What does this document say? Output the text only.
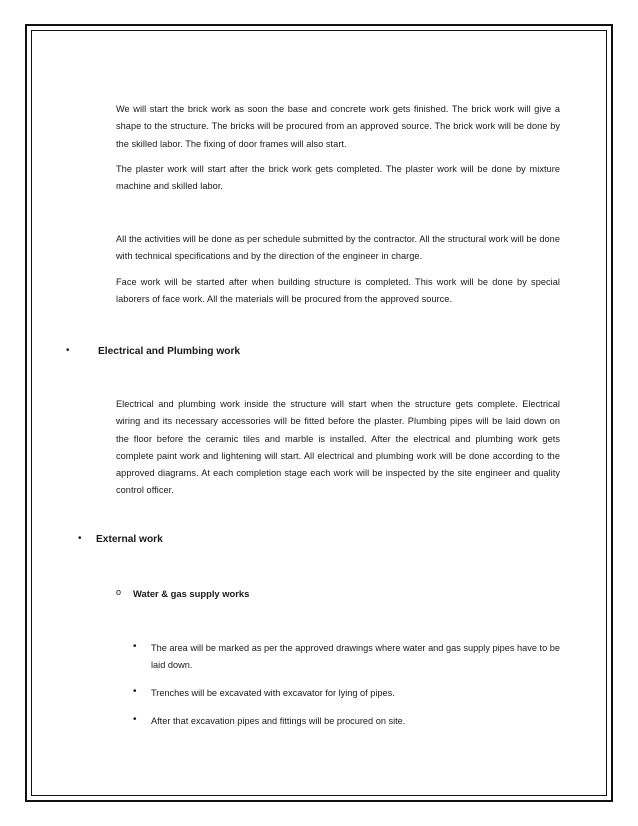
We will start the brick work as soon the base and concrete work gets finished. The brick work will give a shape to the structure. The bricks will be procured from an approved source. The brick work will be done by the skilled labor. The fixing of door frames will also start.

The plaster work will start after the brick work gets completed. The plaster work will be done by mixture machine and skilled labor.

All the activities will be done as per schedule submitted by the contractor. All the structural work will be done with technical specifications and by the direction of the engineer in charge.

Face work will be started after when building structure is completed. This work will be done by special laborers of face work. All the materials will be procured from the approved source.

•	Electrical and Plumbing work

Electrical and plumbing work inside the structure will start when the structure gets complete. Electrical wiring and its necessary accessories will be fitted before the plaster. Plumbing pipes will be laid down on the floor before the ceramic tiles and marble is installed. After the electrical and plumbing work gets complete paint work and lightening will start. All electrical and plumbing work will be done according to the approved diagrams. At each completion stage each work will be inspected by the site engineer and quality control officer.

• External work

o Water & gas supply works

• The area will be marked as per the approved drawings where water and gas supply pipes have to be laid down.

• Trenches will be excavated with excavator for lying of pipes.

• After that excavation pipes and fittings will be procured on site.
